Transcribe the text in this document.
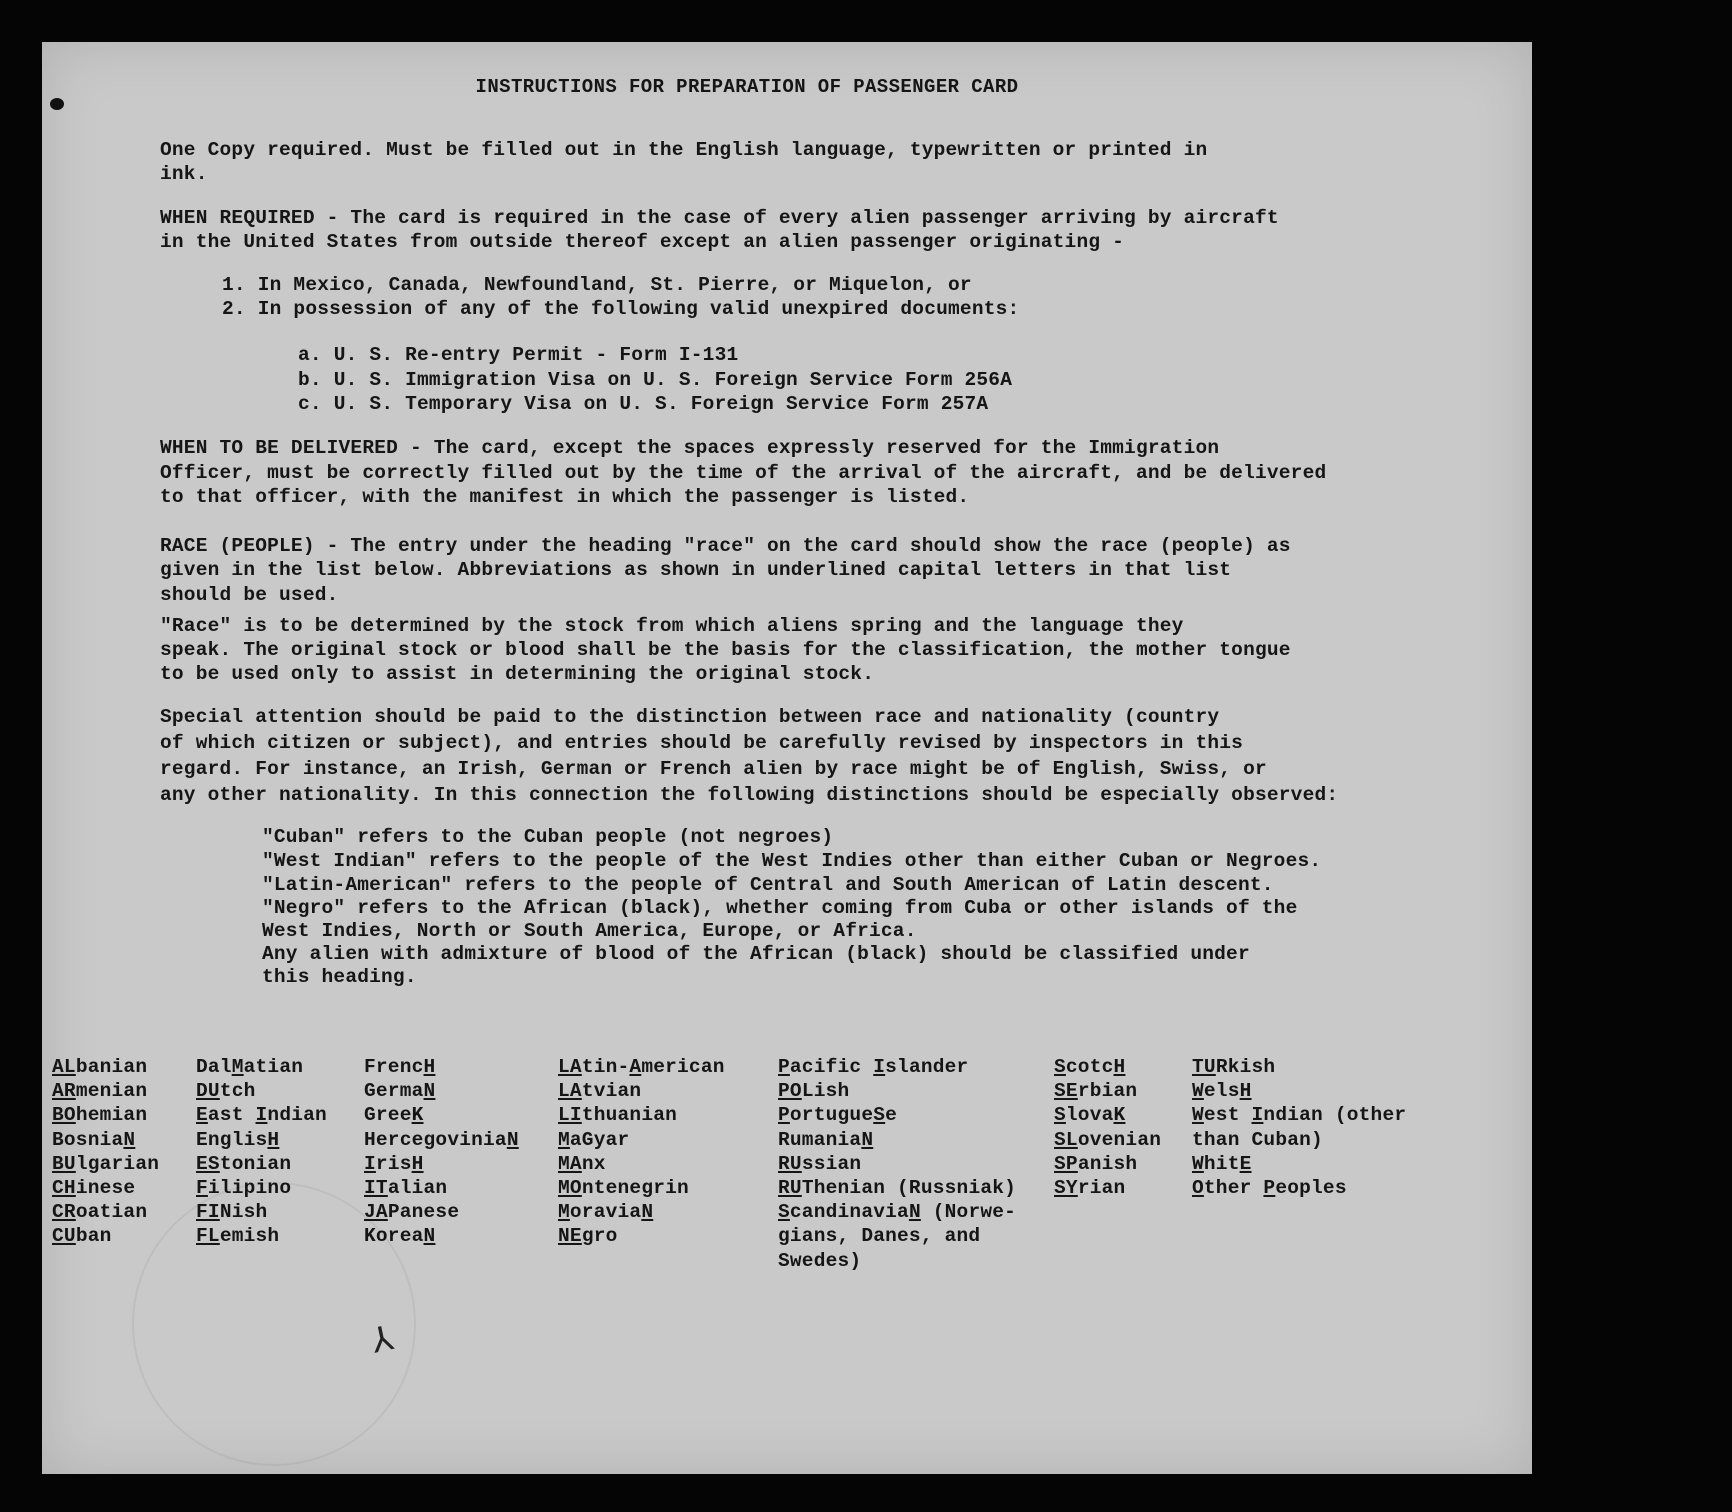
INSTRUCTIONS FOR PREPARATION OF PASSENGER CARD
One Copy required. Must be filled out in the English language, typewritten or printed in
ink.
WHEN REQUIRED - The card is required in the case of every alien passenger arriving by aircraft
in the United States from outside thereof except an alien passenger originating -
1. In Mexico, Canada, Newfoundland, St. Pierre, or Miquelon, or
2. In possession of any of the following valid unexpired documents:
a. U. S. Re-entry Permit - Form I-131
b. U. S. Immigration Visa on U. S. Foreign Service Form 256A
c. U. S. Temporary Visa on U. S. Foreign Service Form 257A
WHEN TO BE DELIVERED - The card, except the spaces expressly reserved for the Immigration
Officer, must be correctly filled out by the time of the arrival of the aircraft, and be delivered
to that officer, with the manifest in which the passenger is listed.
RACE (PEOPLE) - The entry under the heading "race" on the card should show the race (people) as
given in the list below. Abbreviations as shown in underlined capital letters in that list
should be used.
"Race" is to be determined by the stock from which aliens spring and the language they
speak. The original stock or blood shall be the basis for the classification, the mother tongue
to be used only to assist in determining the original stock.
Special attention should be paid to the distinction between race and nationality (country
of which citizen or subject), and entries should be carefully revised by inspectors in this
regard. For instance, an Irish, German or French alien by race might be of English, Swiss, or
any other nationality. In this connection the following distinctions should be especially observed:
"Cuban" refers to the Cuban people (not negroes)
"West Indian" refers to the people of the West Indies other than either Cuban or Negroes.
"Latin-American" refers to the people of Central and South American of Latin descent.
"Negro" refers to the African (black), whether coming from Cuba or other islands of the
West Indies, North or South America, Europe, or Africa.
Any alien with admixture of blood of the African (black) should be classified under
this heading.
ALbanian
ARmenian
BOhemian
BosniaN
BUlgarian
CHinese
CRoatian
CUban
DalMatian
DUtch
East Indian
EnglisH
EStonian
Filipino
FINish
FLemish
FrencH
GermaN
GreeK
HercegoviniaN
IrisH
ITalian
JAPanese
KoreaN
LAtin-American
LAtvian
LIthuanian
MaGyar
MAnx
MOntenegrin
MoraviaN
NEgro
Pacific Islander
POLish
PortugueSe
RumaniaN
RUssian
RUThenian (Russniak)
ScandinaviaN (Norwe-
gians, Danes, and
Swedes)
ScotcH
SErbian
SlovaK
SLovenian
SPanish
SYrian
TURkish
WelsH
West Indian (other
than Cuban)
WhitE
Other Peoples
⅄
